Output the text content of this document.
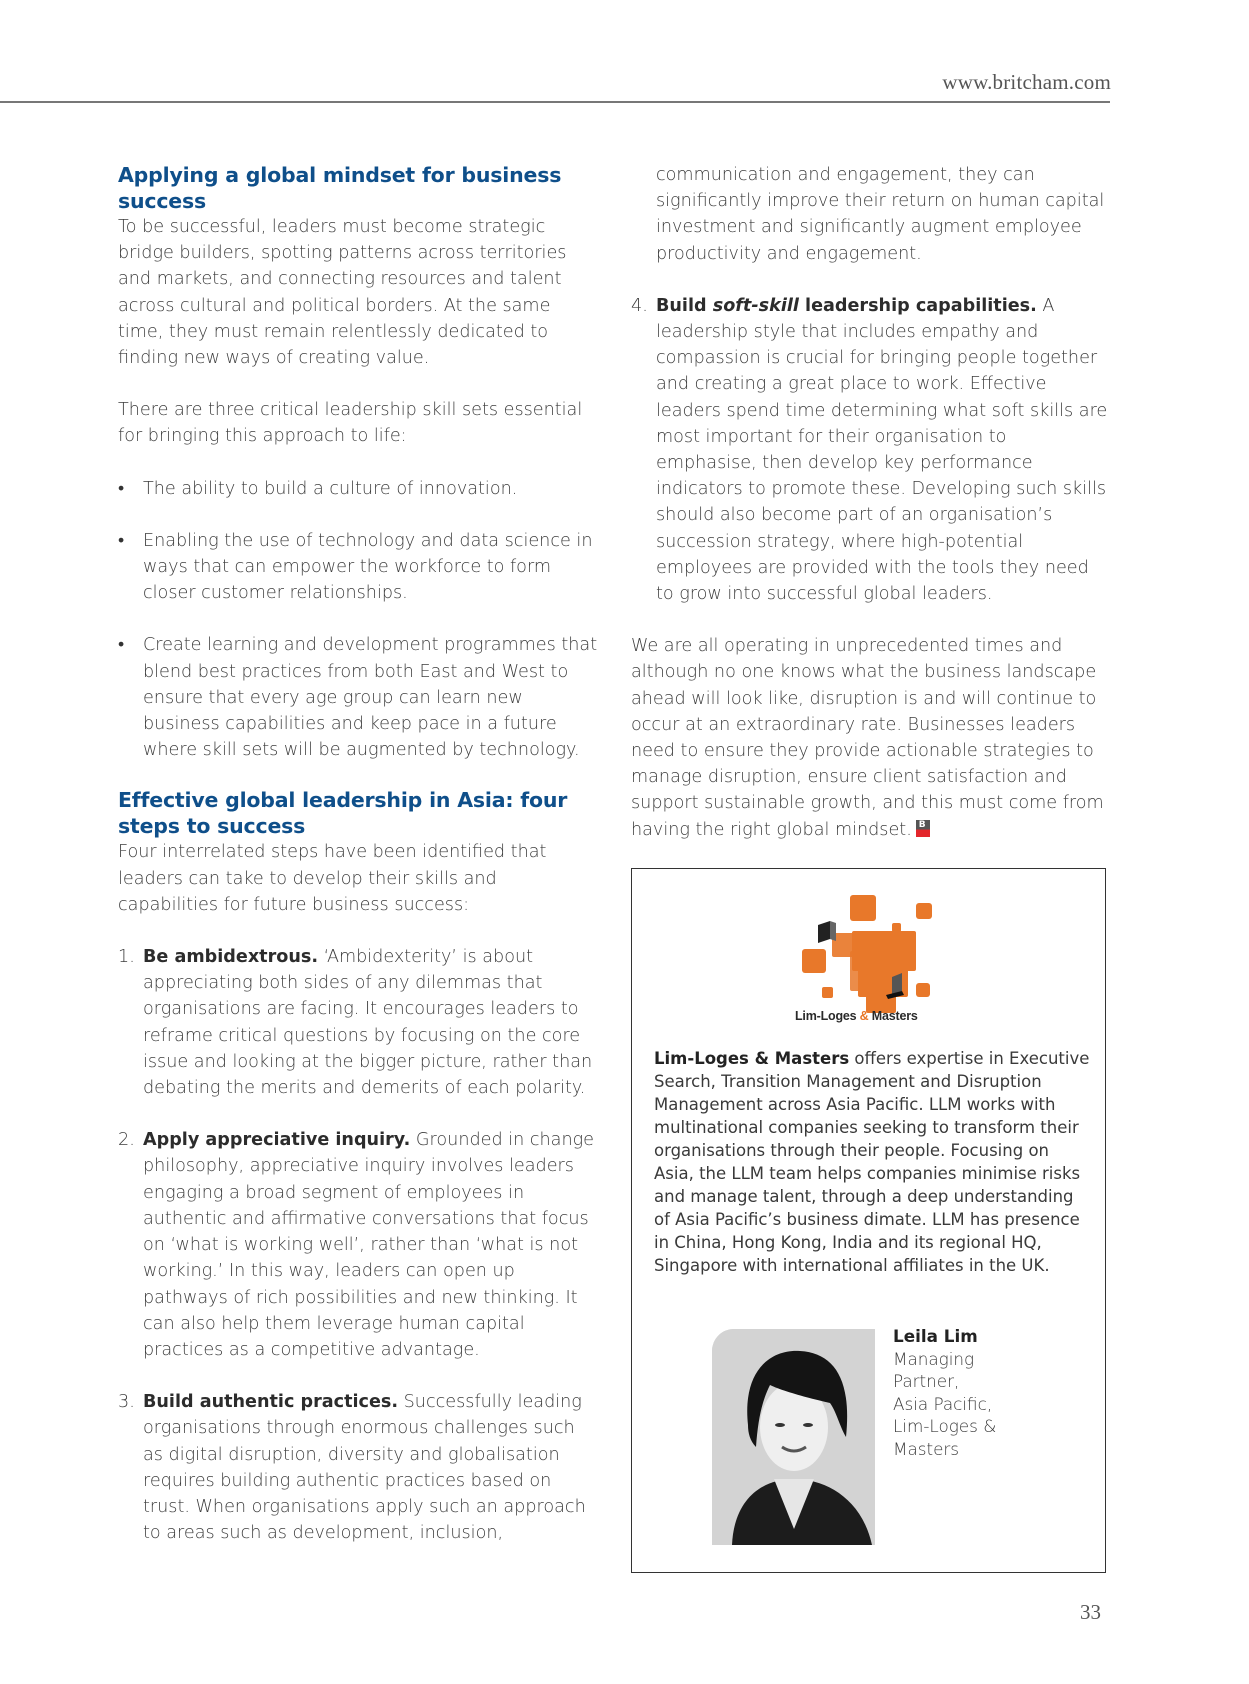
www.britcham.com
Applying a global mindset for business success

To be successful, leaders must become strategic bridge builders, spotting patterns across territories and markets, and connecting resources and talent across cultural and political borders. At the same time, they must remain relentlessly dedicated to finding new ways of creating value.

There are three critical leadership skill sets essential for bringing this approach to life:

• The ability to build a culture of innovation.
• Enabling the use of technology and data science in ways that can empower the workforce to form closer customer relationships.
• Create learning and development programmes that blend best practices from both East and West to ensure that every age group can learn new business capabilities and keep pace in a future where skill sets will be augmented by technology.
Effective global leadership in Asia: four steps to success

Four interrelated steps have been identified that leaders can take to develop their skills and capabilities for future business success:

1. Be ambidextrous. ‘Ambidexterity’ is about appreciating both sides of any dilemmas that organisations are facing. It encourages leaders to reframe critical questions by focusing on the core issue and looking at the bigger picture, rather than debating the merits and demerits of each polarity.
2. Apply appreciative inquiry. Grounded in change philosophy, appreciative inquiry involves leaders engaging a broad segment of employees in authentic and affirmative conversations that focus on ‘what is working well’, rather than ‘what is not working.’ In this way, leaders can open up pathways of rich possibilities and new thinking. It can also help them leverage human capital practices as a competitive advantage.
3. Build authentic practices. Successfully leading organisations through enormous challenges such as digital disruption, diversity and globalisation requires building authentic practices based on trust. When organisations apply such an approach to areas such as development, inclusion,

communication and engagement, they can significantly improve their return on human capital investment and significantly augment employee productivity and engagement.

4. Build soft-skill leadership capabilities. A leadership style that includes empathy and compassion is crucial for bringing people together and creating a great place to work. Effective leaders spend time determining what soft skills are most important for their organisation to emphasise, then develop key performance indicators to promote these. Developing such skills should also become part of an organisation’s succession strategy, where high-potential employees are provided with the tools they need to grow into successful global leaders.

We are all operating in unprecedented times and although no one knows what the business landscape ahead will look like, disruption is and will continue to occur at an extraordinary rate. Businesses leaders need to ensure they provide actionable strategies to manage disruption, ensure client satisfaction and support sustainable growth, and this must come from having the right global mindset. B

Lim-Loges & Masters

Lim-Loges & Masters offers expertise in Executive Search, Transition Management and Disruption Management across Asia Pacific. LLM works with multinational companies seeking to transform their organisations through their people. Focusing on Asia, the LLM team helps companies minimise risks and manage talent, through a deep understanding of Asia Pacific’s business dimate. LLM has presence in China, Hong Kong, India and its regional HQ, Singapore with international affiliates in the UK.

Leila Lim
Managing
Partner,
Asia Pacific,
Lim-Loges &
Masters
33
